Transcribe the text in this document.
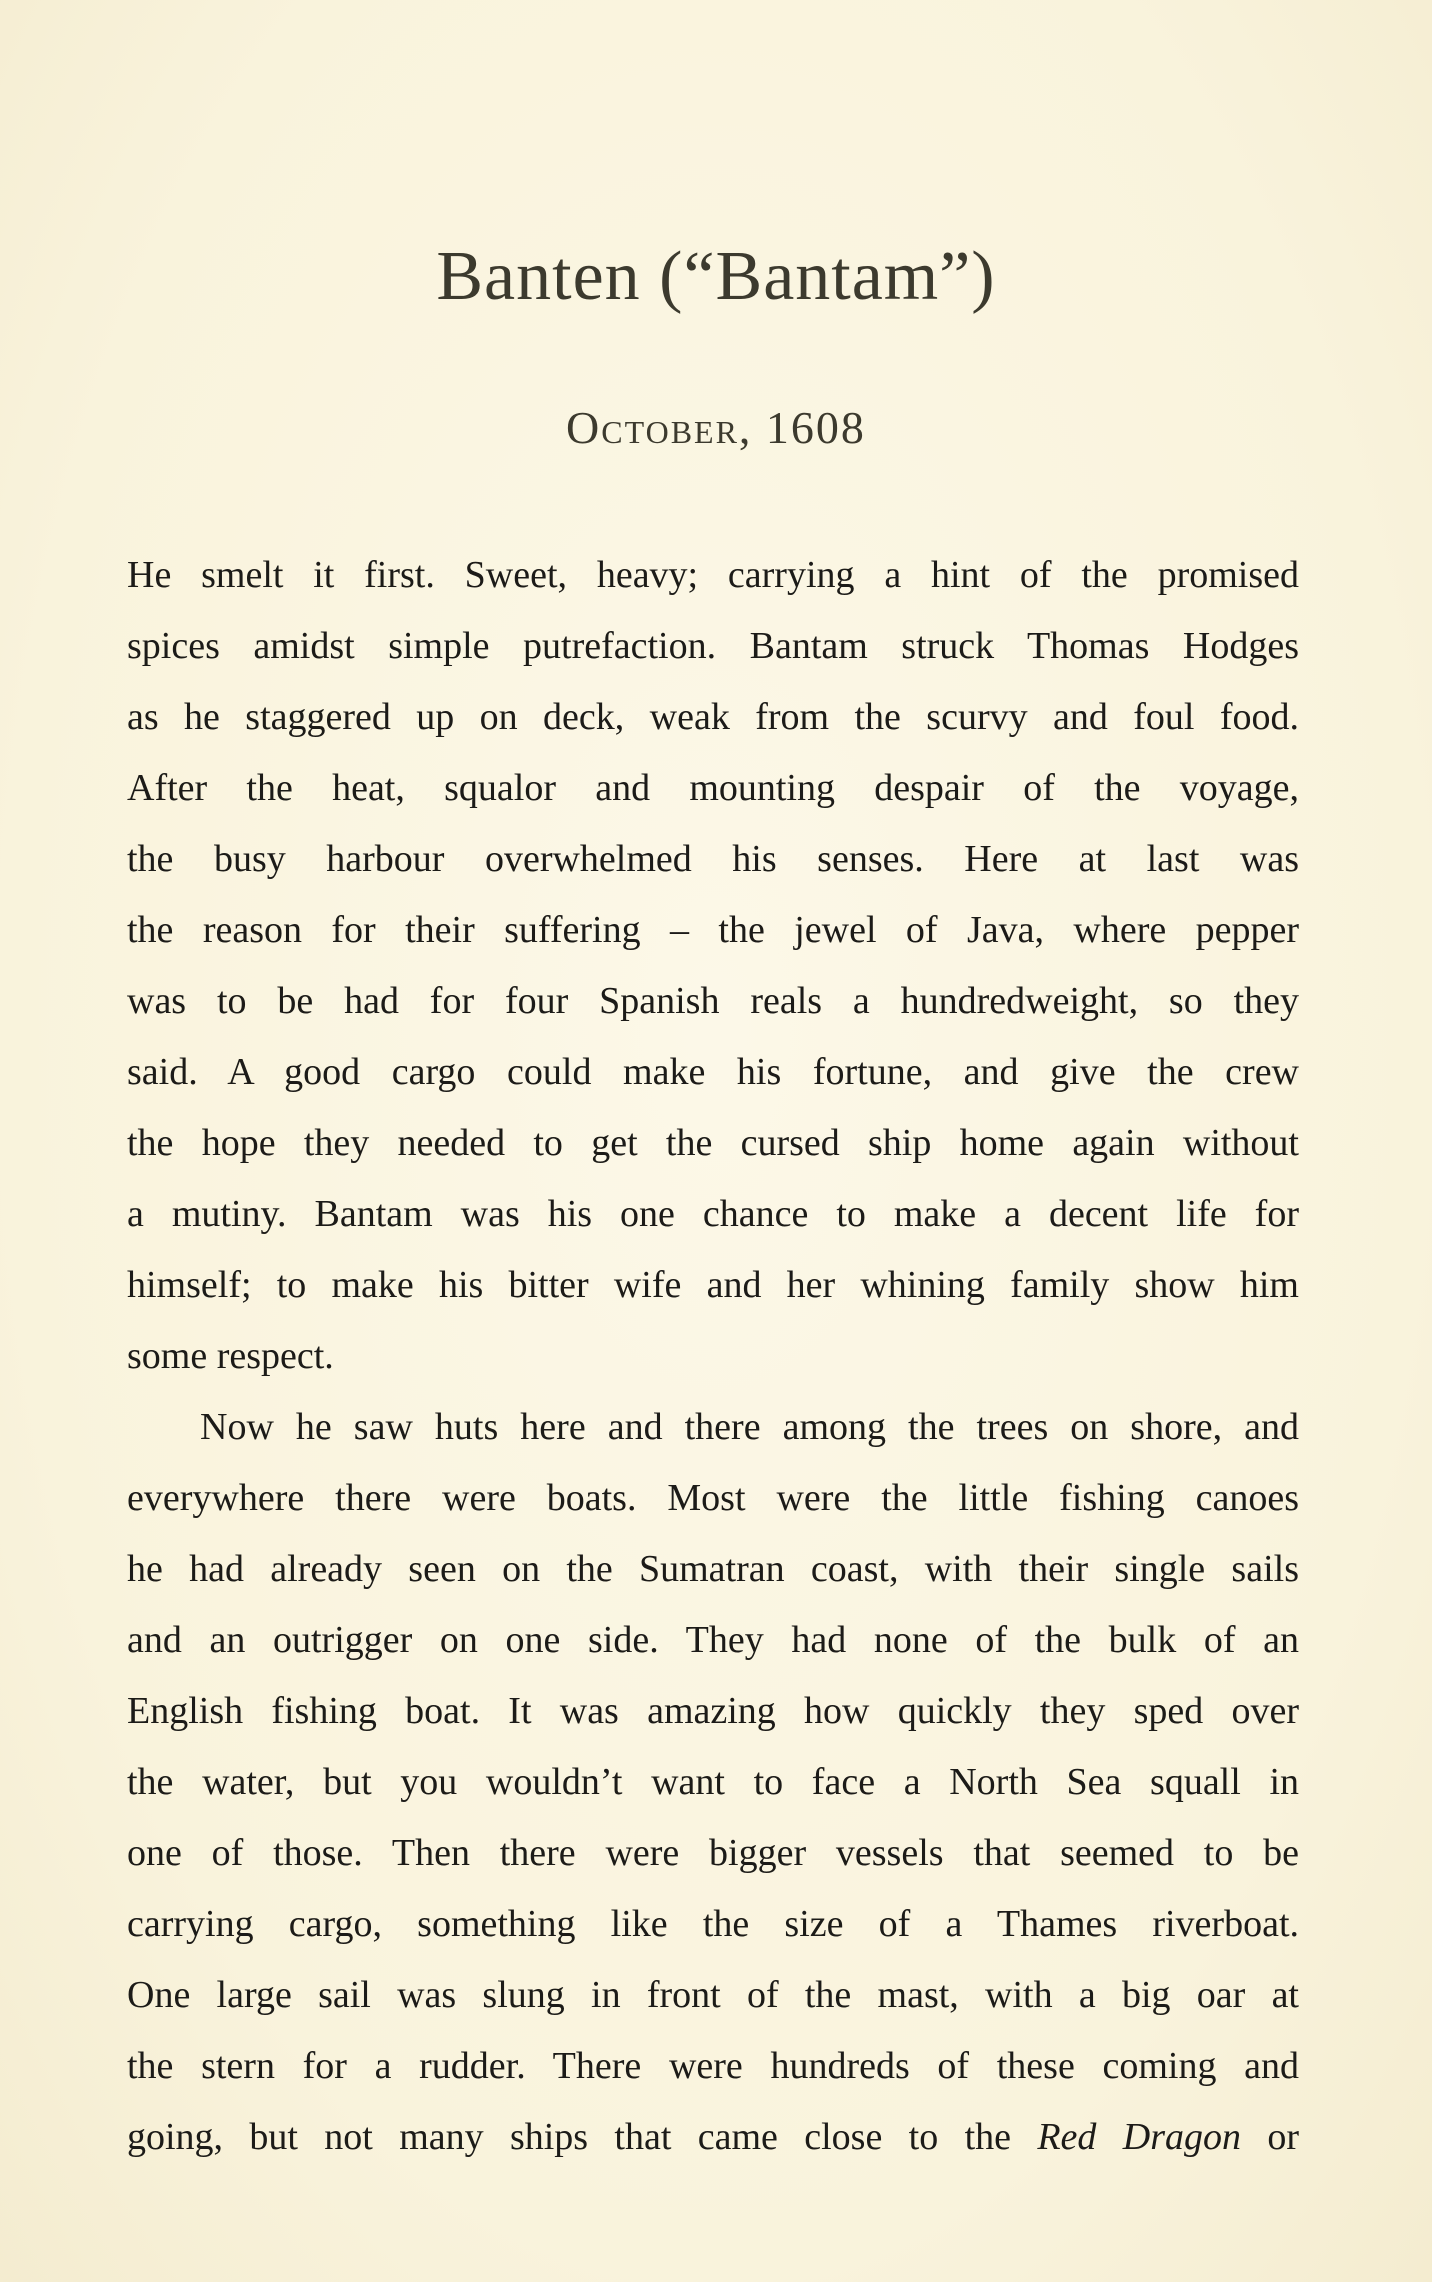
Banten (“Bantam”)
October, 1608
He smelt it first. Sweet, heavy; carrying a hint of the promised
spices amidst simple putrefaction. Bantam struck Thomas Hodges
as he staggered up on deck, weak from the scurvy and foul food.
After the heat, squalor and mounting despair of the voyage,
the busy harbour overwhelmed his senses. Here at last was
the reason for their suffering – the jewel of Java, where pepper
was to be had for four Spanish reals a hundredweight, so they
said. A good cargo could make his fortune, and give the crew
the hope they needed to get the cursed ship home again without
a mutiny. Bantam was his one chance to make a decent life for
himself; to make his bitter wife and her whining family show him
some respect.
Now he saw huts here and there among the trees on shore, and
everywhere there were boats. Most were the little fishing canoes
he had already seen on the Sumatran coast, with their single sails
and an outrigger on one side. They had none of the bulk of an
English fishing boat. It was amazing how quickly they sped over
the water, but you wouldn’t want to face a North Sea squall in
one of those. Then there were bigger vessels that seemed to be
carrying cargo, something like the size of a Thames riverboat.
One large sail was slung in front of the mast, with a big oar at
the stern for a rudder. There were hundreds of these coming and
going, but not many ships that came close to the Red Dragon or
